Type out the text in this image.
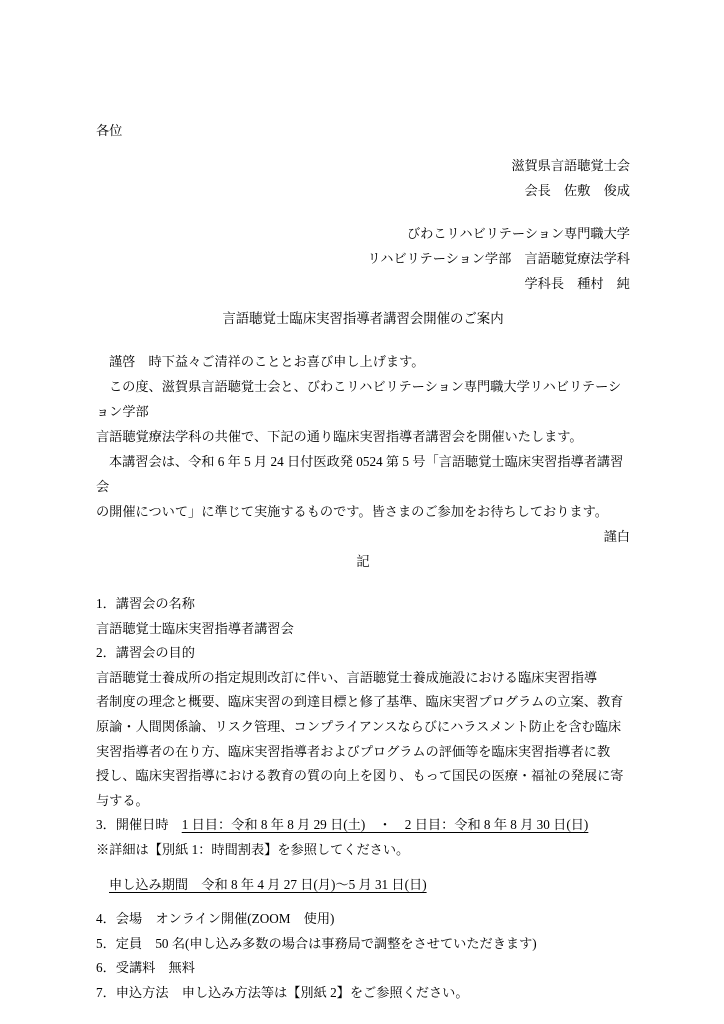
各位
滋賀県言語聴覚士会
会長　佐敷　俊成
びわこリハビリテーション専門職大学
リハビリテーション学部　言語聴覚療法学科
学科長　種村　純
言語聴覚士臨床実習指導者講習会開催のご案内
謹啓　時下益々ご清祥のこととお喜び申し上げます。
この度、滋賀県言語聴覚士会と、びわこリハビリテーション専門職大学リハビリテーション学部
言語聴覚療法学科の共催で、下記の通り臨床実習指導者講習会を開催いたします。
本講習会は、令和 6 年 5 月 24 日付医政発 0524 第 5 号「言語聴覚士臨床実習指導者講習会
の開催について」に準じて実施するものです。皆さまのご参加をお待ちしております。
謹白
記
1．講習会の名称
言語聴覚士臨床実習指導者講習会
2．講習会の目的
言語聴覚士養成所の指定規則改訂に伴い、言語聴覚士養成施設における臨床実習指導
者制度の理念と概要、臨床実習の到達目標と修了基準、臨床実習プログラムの立案、教育
原論・人間関係論、リスク管理、コンプライアンスならびにハラスメント防止を含む臨床
実習指導者の在り方、臨床実習指導者およびプログラムの評価等を臨床実習指導者に教
授し、臨床実習指導における教育の質の向上を図り、もって国民の医療・福祉の発展に寄
与する。
3．開催日時　 1 日目：令和 8 年 8 月 29 日(土)　・　2 日目：令和 8 年 8 月 30 日(日)
※詳細は【別紙 1：時間割表】を参照してください。
申し込み期間　令和 8 年 4 月 27 日(月)〜5 月 31 日(日)
4．会場　オンライン開催(ZOOM　使用)
5．定員　50 名(申し込み多数の場合は事務局で調整をさせていただきます)
6．受講料　無料
7．申込方法　申し込み方法等は【別紙 2】をご参照ください。
